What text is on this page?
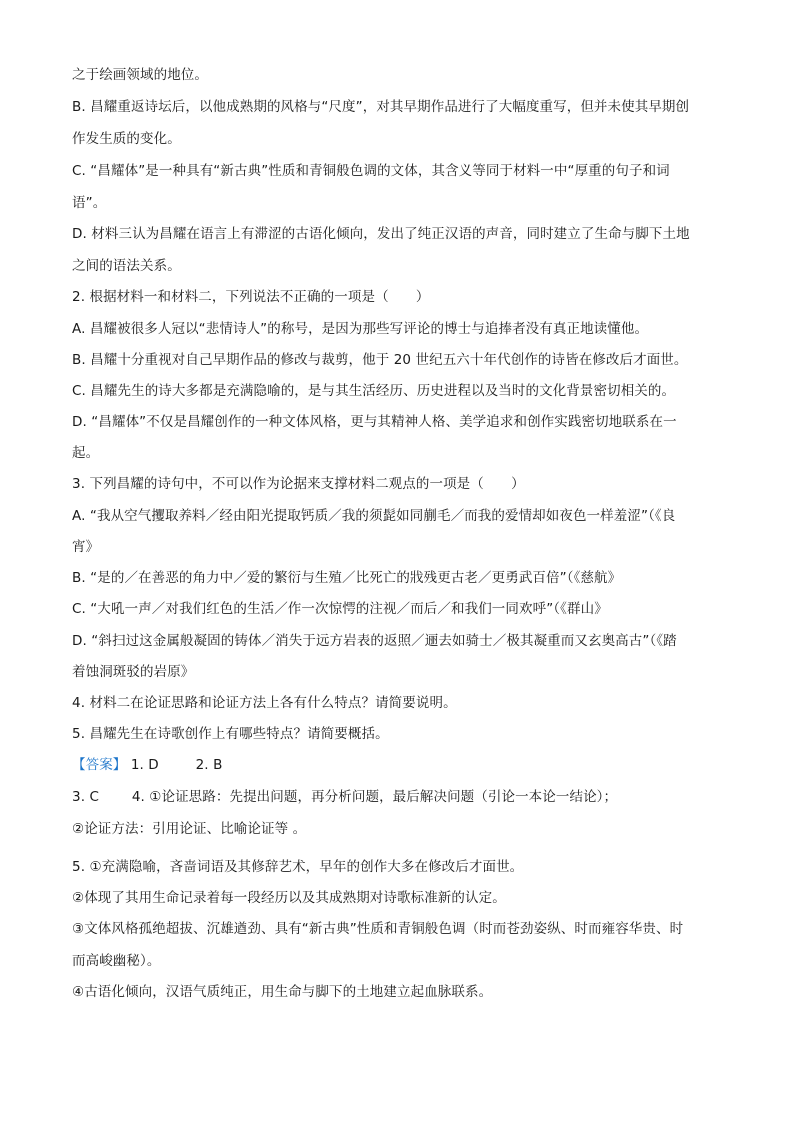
之于绘画领域的地位。
B. 昌耀重返诗坛后，以他成熟期的风格与“尺度”，对其早期作品进行了大幅度重写，但并未使其早期创
作发生质的变化。
C. “昌耀体”是一种具有“新古典”性质和青铜般色调的文体，其含义等同于材料一中“厚重的句子和词
语”。
D. 材料三认为昌耀在语言上有滞涩的古语化倾向，发出了纯正汉语的声音，同时建立了生命与脚下土地
之间的语法关系。
2. 根据材料一和材料二，下列说法不正确的一项是（　　）
A. 昌耀被很多人冠以“悲情诗人”的称号，是因为那些写评论的博士与追捧者没有真正地读懂他。
B. 昌耀十分重视对自己早期作品的修改与裁剪，他于 20 世纪五六十年代创作的诗皆在修改后才面世。
C. 昌耀先生的诗大多都是充满隐喻的，是与其生活经历、历史进程以及当时的文化背景密切相关的。
D. “昌耀体”不仅是昌耀创作的一种文体风格，更与其精神人格、美学追求和创作实践密切地联系在一
起。
3. 下列昌耀的诗句中，不可以作为论据来支撑材料二观点的一项是（　　）
A. “我从空气攫取养料／经由阳光提取钙质／我的须髭如同蒯毛／而我的爱情却如夜色一样羞涩”（《良
宵》
B. “是的／在善恶的角力中／爱的繁衍与生殖／比死亡的戕残更古老／更勇武百倍”（《慈航》
C. “大吼一声／对我们红色的生活／作一次惊愕的注视／而后／和我们一同欢呼”（《群山》
D. “斜扫过这金属般凝固的铸体／消失于远方岩表的返照／逦去如骑士／极其凝重而又玄奥高古”（《踏
着蚀洞斑驳的岩原》
4. 材料二在论证思路和论证方法上各有什么特点？请简要说明。
5. 昌耀先生在诗歌创作上有哪些特点？请简要概括。
【答案】 1. D	2. B
3. C 4. ①论证思路：先提出问题，再分析问题，最后解决问题（引论一本论一结论）；
②论证方法：引用论证、比喻论证等 。
5. ①充满隐喻，吝啬词语及其修辞艺术，早年的创作大多在修改后才面世。
②体现了其用生命记录着每一段经历以及其成熟期对诗歌标准新的认定。
③文体风格孤绝超拔、沉雄遒劲、具有“新古典”性质和青铜般色调（时而苍劲姿纵、时而雍容华贵、时
而高峻幽秘）。
④古语化倾向，汉语气质纯正，用生命与脚下的土地建立起血脉联系。
